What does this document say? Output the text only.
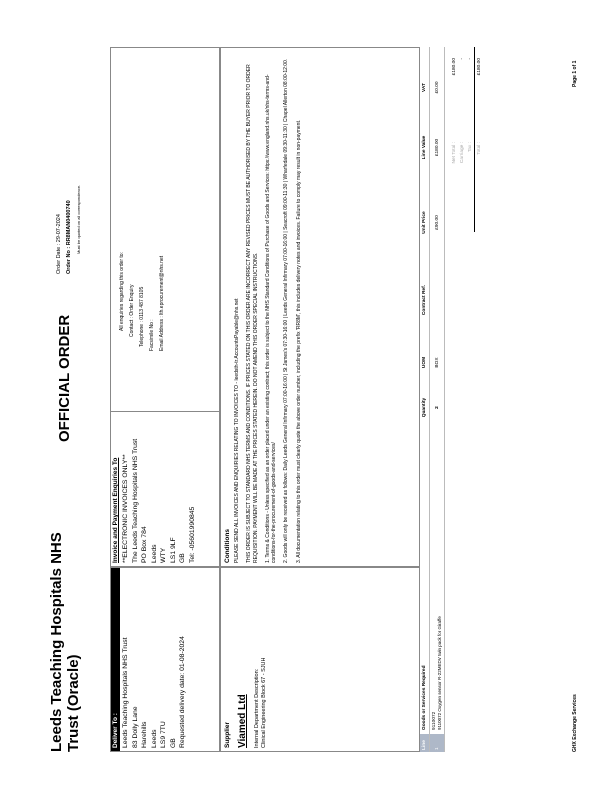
Leeds Teaching Hospitals NHS Trust (Oracle)
OFFICIAL ORDER
Order Date : 29-07-2024 Order No : RR8MAN0400740	Must be quoted on all correspondence.
Deliver To : Leeds Teaching Hospitals NHS Trust 83 Dolly Lane Harehills Leeds LS9 7TU GB Requested delivery date: 01-08-2024
Invoice and Payment Enquiries To **ELECTRONIC INVOICES ONLY** The Leeds Teaching Hospitals NHS Trust PO Box 784 Leeds WTY LS1 9LF GB Tel: -05601990845
All enquiries regarding this order to: Contact : Order Enquiry Telephone : 0113 487 8105 Facsimile No : Email Address : lth.eprocurement@nhs.net
Supplier Viamed Ltd Internal Department Description: Clinical Engineering Block 67 - SJUH
Conditions PLEASE SEND ALL INVOICES AND ENQUIRIES RELATING TO INVOICES TO - leedsth-tr.AccountsPayable@nhs.net THIS ORDER IS SUBJECT TO STANDARD NHS TERMS AND CONDITIONS. IF PRICES STATED ON THIS ORDER ARE INCORRECT ANY REVISED PRICES MUST BE AUTHORISED BY THE BUYER PRIOR TO ORDER REQUISITION. PAYMENT WILL BE MADE AT THE PRICES STATED HEREIN. DO NOT AMEND THIS ORDER SPECIAL INSTRUCTIONS. 1. Terms & Conditions - Unless specified as an order placed under an existing contract; this order is subject to the NHS Standard Conditions of Purchase of Goods and Services: https://www.england.nhs.uk/nhs-terms-and-conditions-for-the-procurement-of-goods-and-services/ 2. Goods will only be received as follows: Daily Leeds General Infirmary 07:00-16:00 | St James's 07:30-16:00 | Leeds General Infirmary 07:00-16:00 | Seacroft 09:00-11:30 | Wharfedale 09:30-11:30 | Chapel Allerton 08:00-12:00. 3. All documentation relating to this order must clearly quote the above order number, including the prefix 'RR8M', this includes delivery notes and invoices. Failure to comply may result in non-payment.

Line
Goods or Services Required
Quantity
UOM
Contract Ref.
Unit Price
Line Value
VAT
1
9110072 9110072 Oxygen sensor R-22MEDV twin pack for Giraffe
2
BOX
£90.00
£180.00
£0.00
Net Total :
£180.00
Carriage :
-
Tax :
-
Total :
£180.00
GHX Exchange Services
Page 1 of 1
